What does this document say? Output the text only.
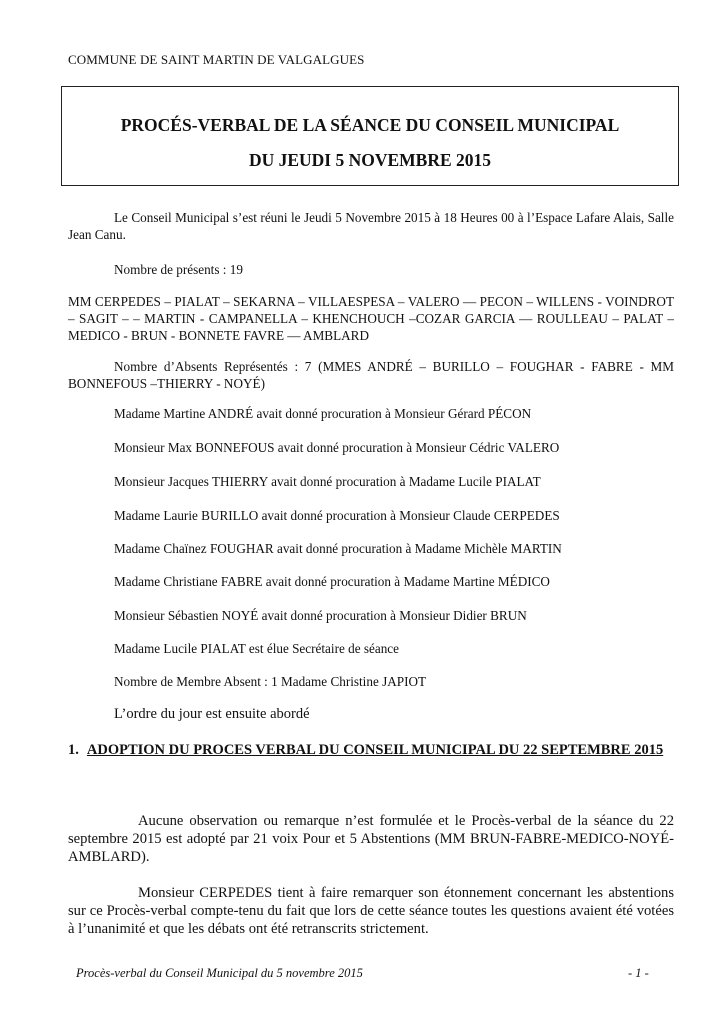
COMMUNE DE SAINT MARTIN DE VALGALGUES
PROCÉS-VERBAL DE LA SÉANCE DU CONSEIL MUNICIPAL
DU JEUDI 5 NOVEMBRE 2015
Le Conseil Municipal s’est réuni le Jeudi 5 Novembre 2015 à 18 Heures 00 à l’Espace Lafare Alais, Salle Jean Canu.
Nombre de présents : 19
MM CERPEDES – PIALAT – SEKARNA – VILLAESPESA – VALERO — PECON – WILLENS - VOINDROT – SAGIT – – MARTIN - CAMPANELLA – KHENCHOUCH –COZAR GARCIA — ROULLEAU – PALAT – MEDICO - BRUN - BONNETE FAVRE — AMBLARD
Nombre d’Absents Représentés : 7 (MMES ANDRÉ – BURILLO – FOUGHAR - FABRE - MM BONNEFOUS –THIERRY - NOYÉ)
Madame Martine ANDRÉ avait donné procuration à Monsieur Gérard PÉCON
Monsieur Max BONNEFOUS avait donné procuration à Monsieur Cédric VALERO
Monsieur Jacques THIERRY avait donné procuration à Madame Lucile PIALAT
Madame Laurie BURILLO avait donné procuration à Monsieur Claude CERPEDES
Madame Chaïnez FOUGHAR avait donné procuration à Madame Michèle MARTIN
Madame Christiane FABRE avait donné procuration à Madame Martine MÉDICO
Monsieur Sébastien NOYÉ avait donné procuration à Monsieur Didier BRUN
Madame Lucile PIALAT est élue Secrétaire de séance
Nombre de Membre Absent : 1 Madame Christine JAPIOT
L’ordre du jour est ensuite abordé
1. ADOPTION DU PROCES VERBAL DU CONSEIL MUNICIPAL DU 22 SEPTEMBRE 2015
Aucune observation ou remarque n’est formulée et le Procès-verbal de la séance du 22 septembre 2015 est adopté par 21 voix Pour et 5 Abstentions (MM BRUN-FABRE-MEDICO-NOYÉ-AMBLARD).
Monsieur CERPEDES tient à faire remarquer son étonnement concernant les abstentions sur ce Procès-verbal compte-tenu du fait que lors de cette séance toutes les questions avaient été votées à l’unanimité et que les débats ont été retranscrits strictement.
Procès-verbal du Conseil Municipal du 5 novembre 2015	- 1 -
